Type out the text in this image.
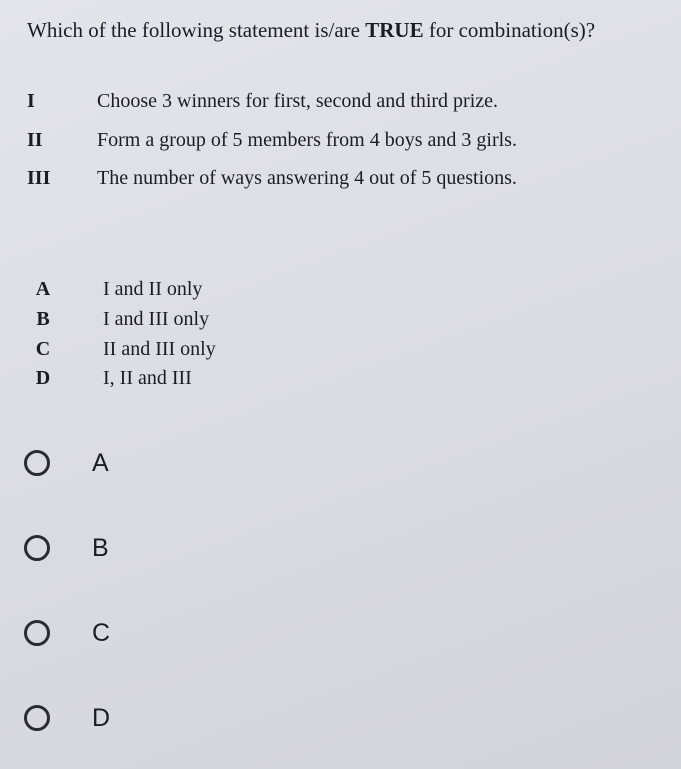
Which of the following statement is/are TRUE for combination(s)?
I	Choose 3 winners for first, second and third prize.
II	Form a group of 5 members from 4 boys and 3 girls.
III The number of ways answering 4 out of 5 questions.
A	I and II only
B	I and III only
C	II and III only
D	I, II and III
A
B
C
D
